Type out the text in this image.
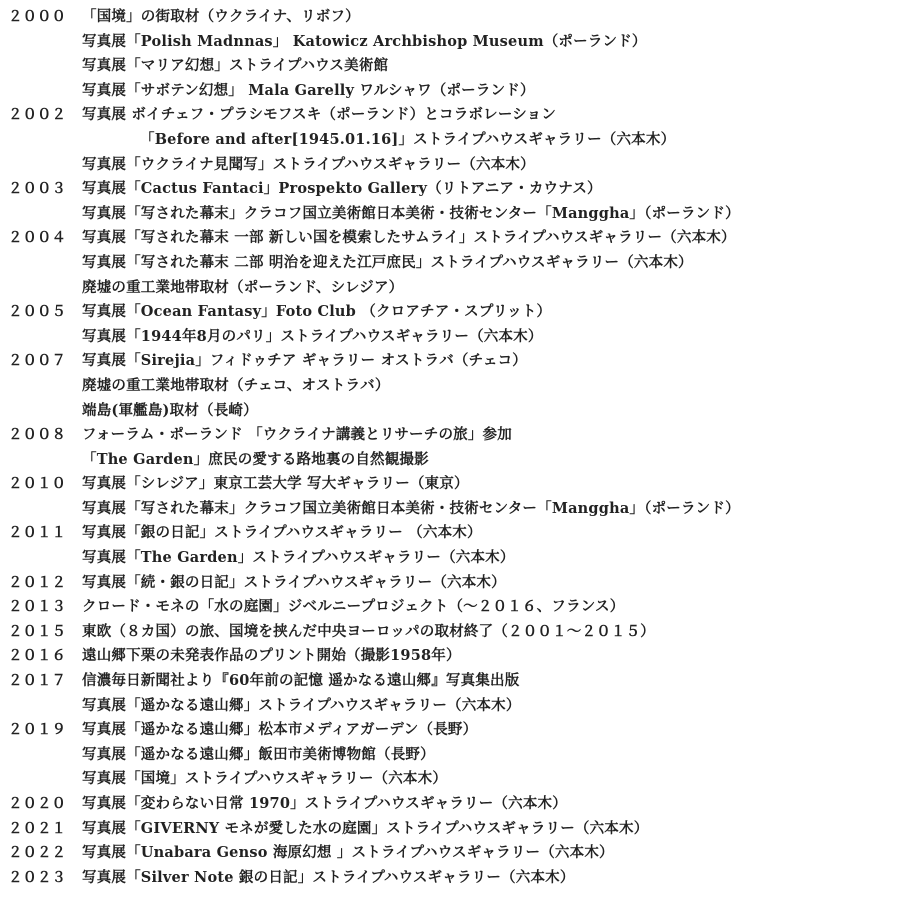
２０００	「国境」の街取材（ウクライナ、リボフ）
写真展「Polish Madnnas」 Katowicz Archbishop Museum（ポーランド）
写真展「マリア幻想」ストライプハウス美術館
写真展「サボテン幻想」 Mala Garelly ワルシャワ（ポーランド）
２００２	写真展 ボイチェフ・プラシモフスキ（ポーランド）とコラボレーション
「Before and after[1945.01.16]」ストライプハウスギャラリー（六本木）
写真展「ウクライナ見聞写」ストライプハウスギャラリー（六本木）
２００３	写真展「Cactus Fantaci」Prospekto Gallery（リトアニア・カウナス）
写真展「写された幕末」クラコフ国立美術館日本美術・技術センター「Manggha」（ポーランド）
２００４	写真展「写された幕末 一部 新しい国を模索したサムライ」ストライプハウスギャラリー（六本木）
写真展「写された幕末 二部 明治を迎えた江戸庶民」ストライプハウスギャラリー（六本木）
廃墟の重工業地帯取材（ポーランド、シレジア）
２００５	写真展「Ocean Fantasy」Foto Club （クロアチア・スプリット）
写真展「1944年8月のパリ」ストライプハウスギャラリー（六本木）
２００７	写真展「Sirejia」フィドゥチア ギャラリー オストラバ（チェコ）
廃墟の重工業地帯取材（チェコ、オストラバ）
端島(軍艦島)取材（長崎）
２００８	フォーラム・ポーランド 「ウクライナ講義とリサーチの旅」参加
「The Garden」庶民の愛する路地裏の自然観撮影
２０１０	写真展「シレジア」東京工芸大学 写大ギャラリー（東京）
写真展「写された幕末」クラコフ国立美術館日本美術・技術センター「Manggha」（ポーランド）
２０１１	写真展「銀の日記」ストライプハウスギャラリー （六本木）
写真展「The Garden」ストライプハウスギャラリー（六本木）
２０１２	写真展「続・銀の日記」ストライプハウスギャラリー（六本木）
２０１３	クロード・モネの「水の庭園」ジベルニープロジェクト（～２０１６、フランス）
２０１５	東欧（８カ国）の旅、国境を挟んだ中央ヨーロッパの取材終了（２００１～２０１５）
２０１６	遠山郷下栗の未発表作品のプリント開始（撮影1958年）
２０１７	信濃毎日新聞社より『60年前の記憶 遥かなる遠山郷』写真集出版
写真展「遥かなる遠山郷」ストライプハウスギャラリー（六本木）
２０１９	写真展「遥かなる遠山郷」松本市メディアガーデン（長野）
写真展「遥かなる遠山郷」飯田市美術博物館（長野）
写真展「国境」ストライプハウスギャラリー（六本木）
２０２０	写真展「変わらない日常 1970」ストライプハウスギャラリー（六本木）
２０２１	写真展「GIVERNY モネが愛した水の庭園」ストライプハウスギャラリー（六本木）
２０２２	写真展「Unabara Genso 海原幻想 」ストライプハウスギャラリー（六本木）
２０２３	写真展「Silver Note 銀の日記」ストライプハウスギャラリー（六本木）
